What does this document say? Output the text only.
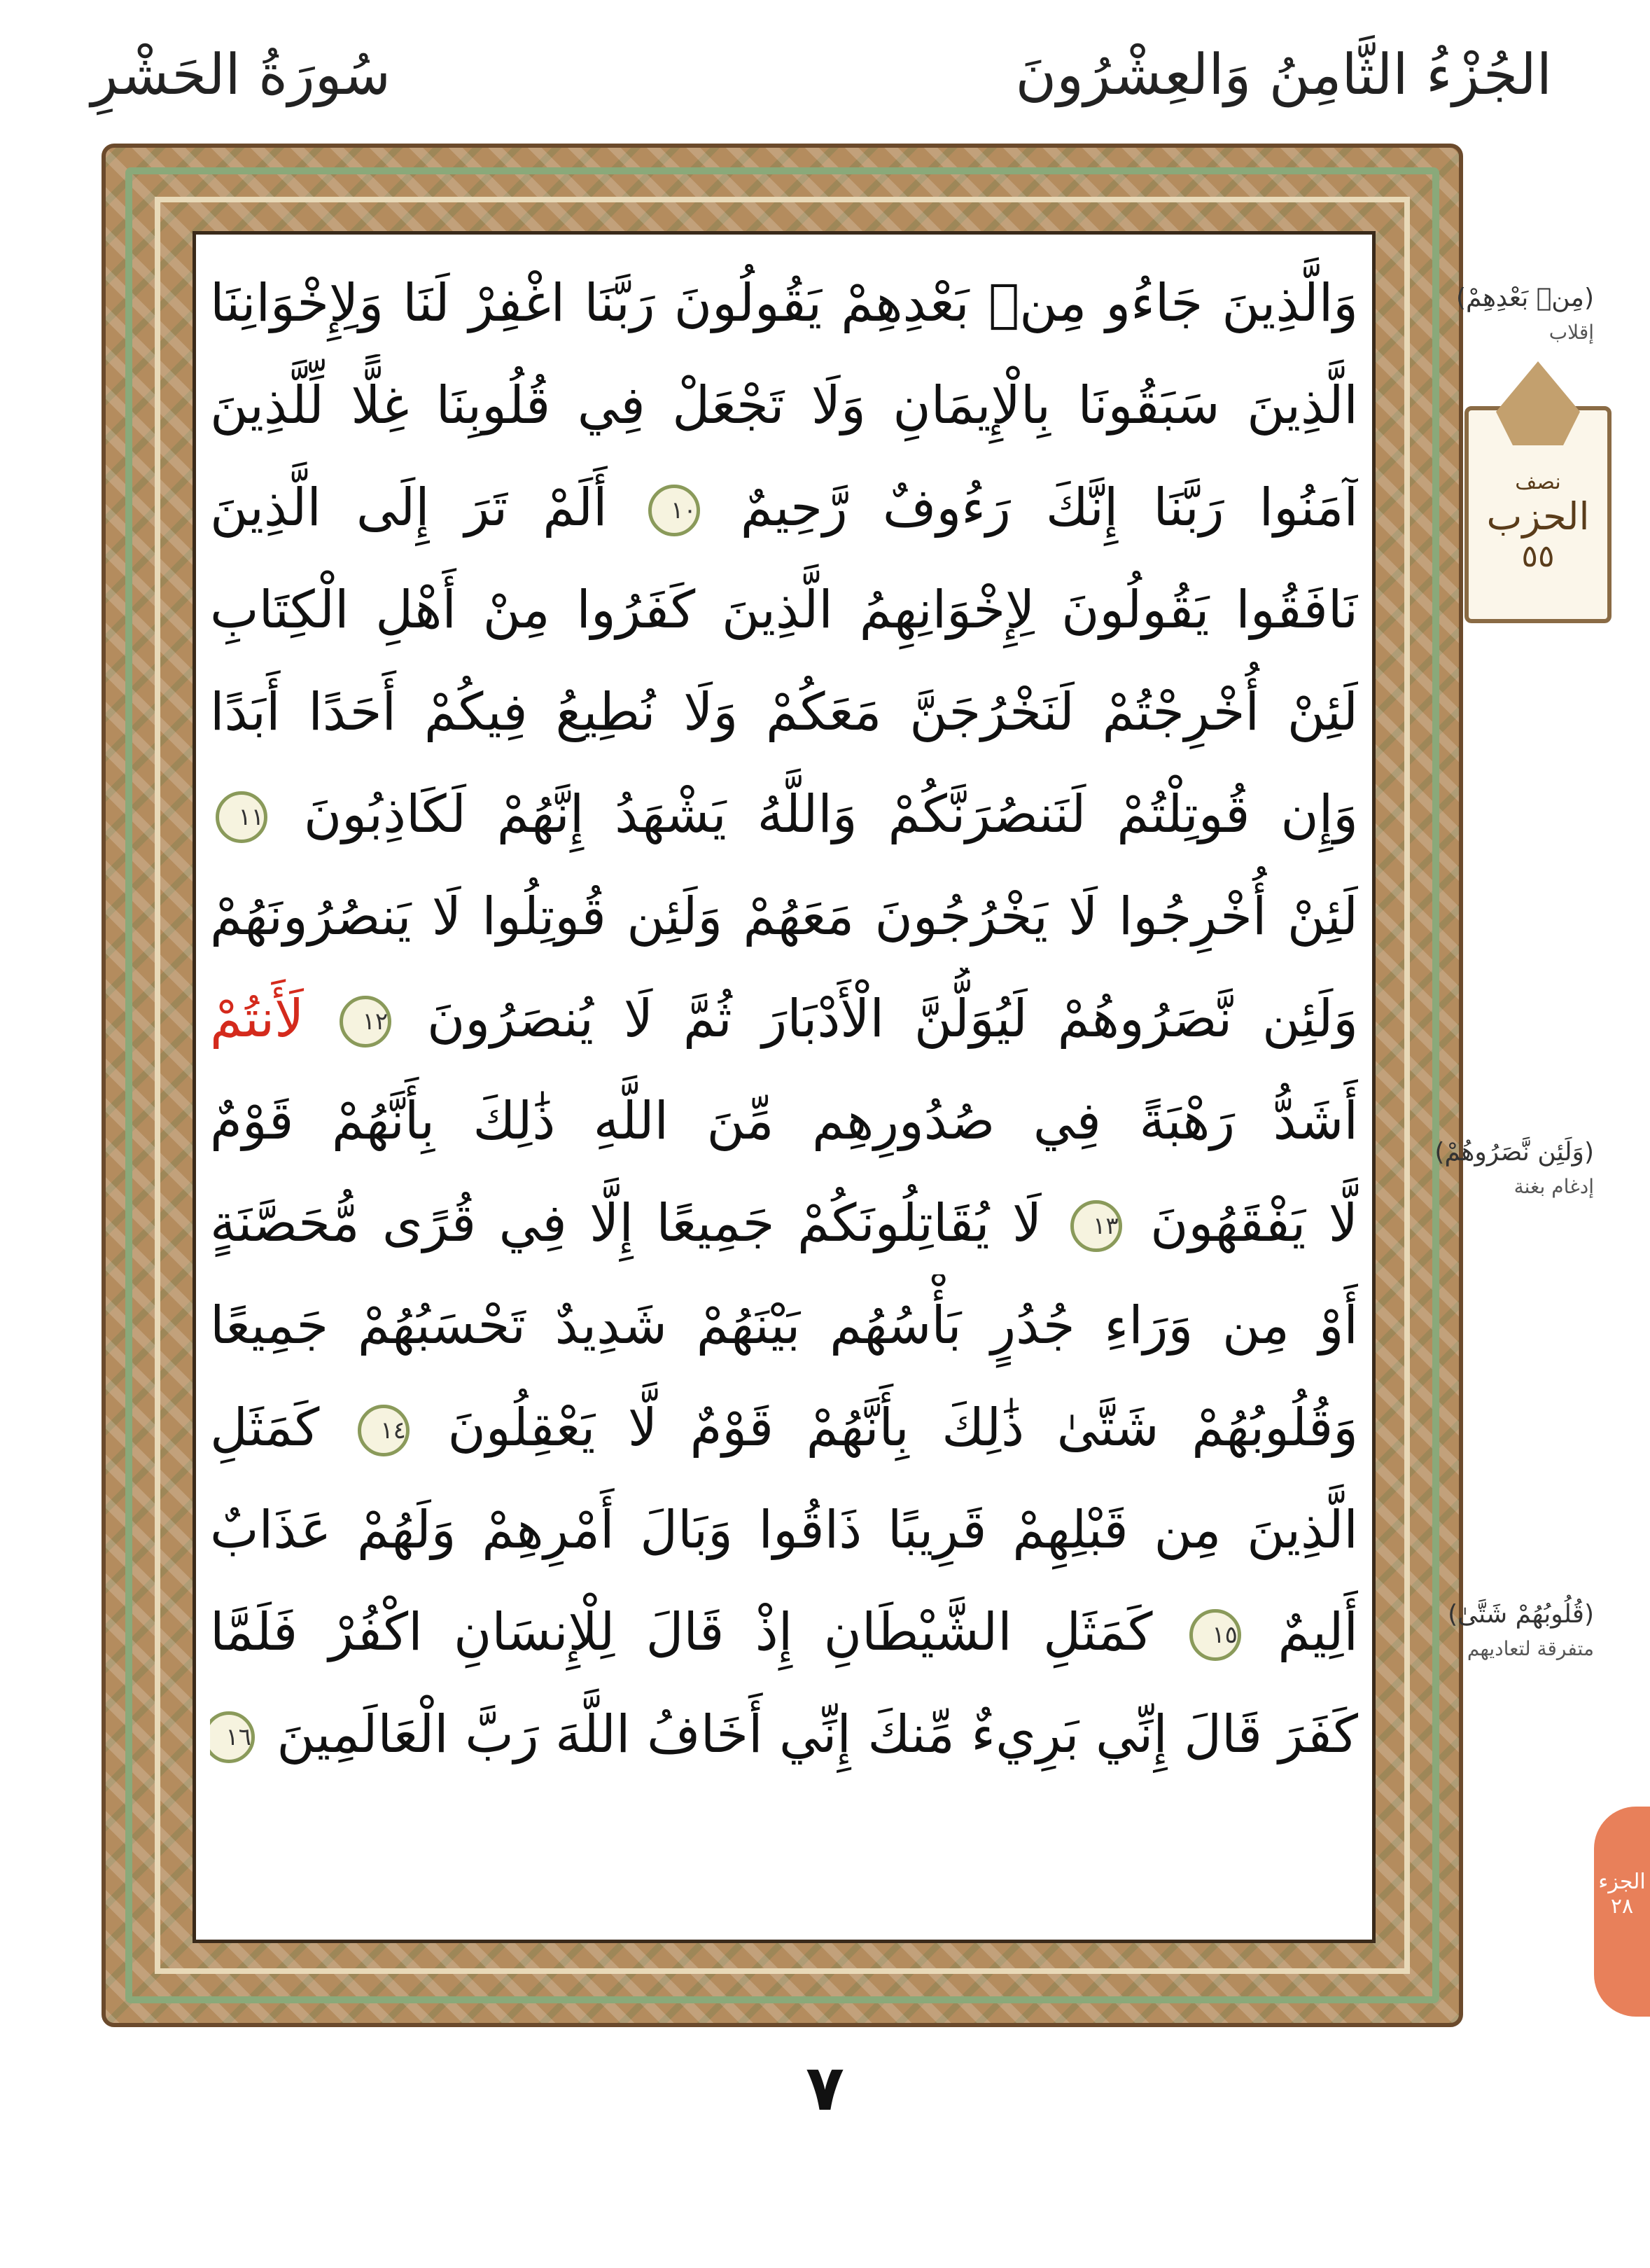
الجُزْءُ الثَّامِنُ وَالعِشْرُونَ
سُورَةُ الحَشْرِ
وَالَّذِينَ جَاءُو مِنۢ بَعْدِهِمْ يَقُولُونَ رَبَّنَا اغْفِرْ لَنَا وَلِإِخْوَانِنَا
الَّذِينَ سَبَقُونَا بِالْإِيمَانِ وَلَا تَجْعَلْ فِي قُلُوبِنَا غِلًّا لِّلَّذِينَ
آمَنُوا رَبَّنَا إِنَّكَ رَءُوفٌ رَّحِيمٌ ١٠ أَلَمْ تَرَ إِلَى الَّذِينَ
نَافَقُوا يَقُولُونَ لِإِخْوَانِهِمُ الَّذِينَ كَفَرُوا مِنْ أَهْلِ الْكِتَابِ
لَئِنْ أُخْرِجْتُمْ لَنَخْرُجَنَّ مَعَكُمْ وَلَا نُطِيعُ فِيكُمْ أَحَدًا أَبَدًا
وَإِن قُوتِلْتُمْ لَنَنصُرَنَّكُمْ وَاللَّهُ يَشْهَدُ إِنَّهُمْ لَكَاذِبُونَ ١١
لَئِنْ أُخْرِجُوا لَا يَخْرُجُونَ مَعَهُمْ وَلَئِن قُوتِلُوا لَا يَنصُرُونَهُمْ
وَلَئِن نَّصَرُوهُمْ لَيُوَلُّنَّ الْأَدْبَارَ ثُمَّ لَا يُنصَرُونَ ١٢ لَأَنتُمْ
أَشَدُّ رَهْبَةً فِي صُدُورِهِم مِّنَ اللَّهِ ذَٰلِكَ بِأَنَّهُمْ قَوْمٌ
لَّا يَفْقَهُونَ ١٣ لَا يُقَاتِلُونَكُمْ جَمِيعًا إِلَّا فِي قُرًى مُّحَصَّنَةٍ
أَوْ مِن وَرَاءِ جُدُرٍ بَأْسُهُم بَيْنَهُمْ شَدِيدٌ تَحْسَبُهُمْ جَمِيعًا
وَقُلُوبُهُمْ شَتَّىٰ ذَٰلِكَ بِأَنَّهُمْ قَوْمٌ لَّا يَعْقِلُونَ ١٤ كَمَثَلِ
الَّذِينَ مِن قَبْلِهِمْ قَرِيبًا ذَاقُوا وَبَالَ أَمْرِهِمْ وَلَهُمْ عَذَابٌ
أَلِيمٌ ١٥ كَمَثَلِ الشَّيْطَانِ إِذْ قَالَ لِلْإِنسَانِ اكْفُرْ فَلَمَّا
كَفَرَ قَالَ إِنِّي بَرِيءٌ مِّنكَ إِنِّي أَخَافُ اللَّهَ رَبَّ الْعَالَمِينَ ١٦
(مِنۢ بَعْدِهِمْ)
إقلاب
نصف
الحزب
٥٥
(وَلَئِن نَّصَرُوهُمْ)
إدغام بغنة
(قُلُوبُهُمْ شَتَّىٰ)
متفرقة لتعاديهم
٧
الجزء ٢٨
